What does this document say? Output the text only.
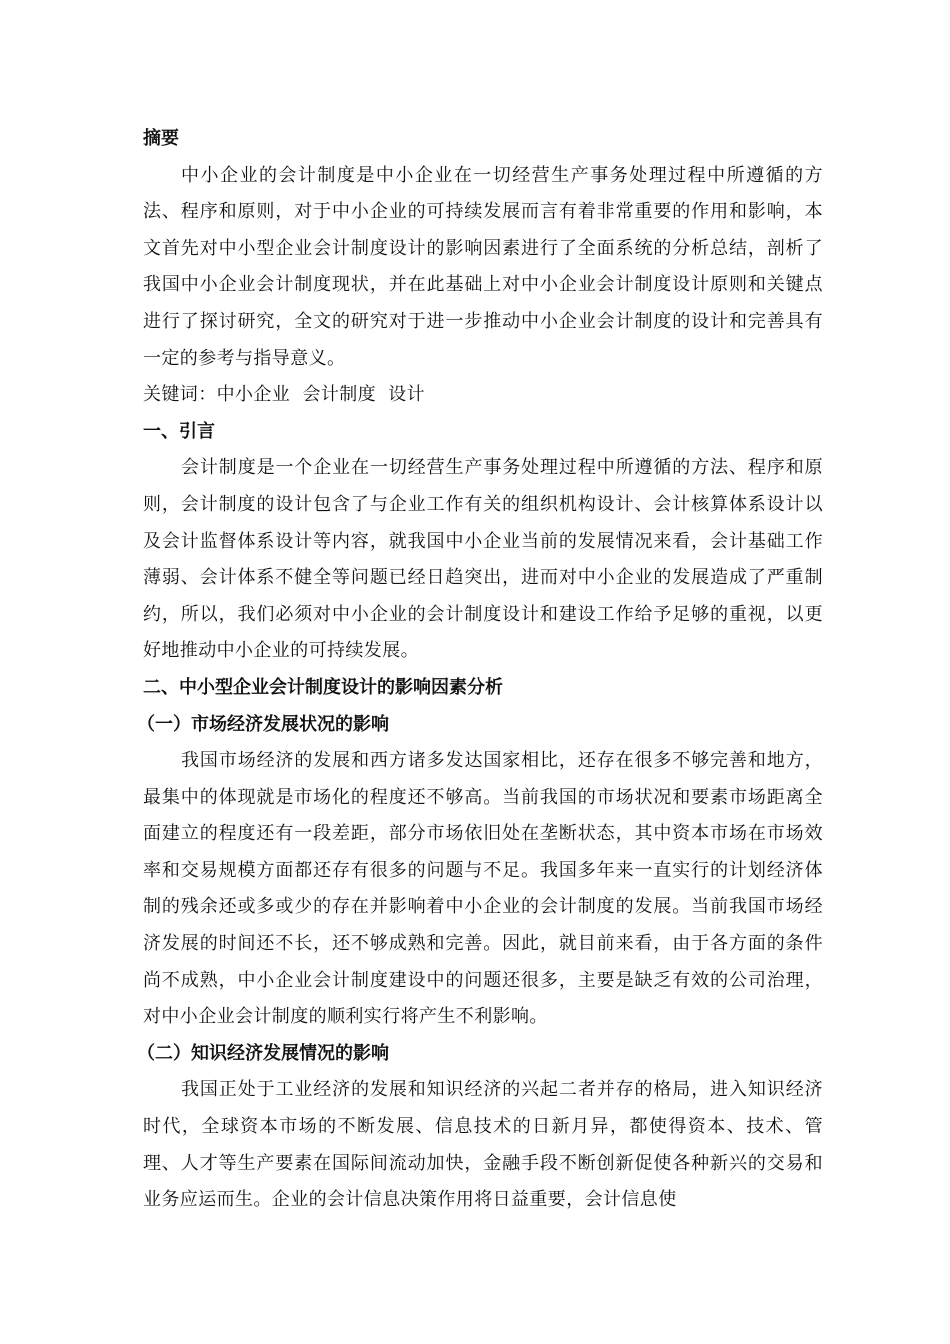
摘要

中小企业的会计制度是中小企业在一切经营生产事务处理过程中所遵循的方法、程序和原则，对于中小企业的可持续发展而言有着非常重要的作用和影响，本文首先对中小型企业会计制度设计的影响因素进行了全面系统的分析总结，剖析了我国中小企业会计制度现状，并在此基础上对中小企业会计制度设计原则和关键点进行了探讨研究，全文的研究对于进一步推动中小企业会计制度的设计和完善具有一定的参考与指导意义。

关键词：中小企业  会计制度  设计

一、引言

会计制度是一个企业在一切经营生产事务处理过程中所遵循的方法、程序和原则，会计制度的设计包含了与企业工作有关的组织机构设计、会计核算体系设计以及会计监督体系设计等内容，就我国中小企业当前的发展情况来看，会计基础工作薄弱、会计体系不健全等问题已经日趋突出，进而对中小企业的发展造成了严重制约，所以，我们必须对中小企业的会计制度设计和建设工作给予足够的重视，以更好地推动中小企业的可持续发展。

二、中小型企业会计制度设计的影响因素分析

（一）市场经济发展状况的影响

我国市场经济的发展和西方诸多发达国家相比，还存在很多不够完善和地方，最集中的体现就是市场化的程度还不够高。当前我国的市场状况和要素市场距离全面建立的程度还有一段差距，部分市场依旧处在垄断状态，其中资本市场在市场效率和交易规模方面都还存有很多的问题与不足。我国多年来一直实行的计划经济体制的残余还或多或少的存在并影响着中小企业的会计制度的发展。当前我国市场经济发展的时间还不长，还不够成熟和完善。因此，就目前来看，由于各方面的条件尚不成熟，中小企业会计制度建设中的问题还很多，主要是缺乏有效的公司治理，对中小企业会计制度的顺利实行将产生不利影响。

（二）知识经济发展情况的影响

我国正处于工业经济的发展和知识经济的兴起二者并存的格局，进入知识经济时代，全球资本市场的不断发展、信息技术的日新月异，都使得资本、技术、管理、人才等生产要素在国际间流动加快，金融手段不断创新促使各种新兴的交易和业务应运而生。企业的会计信息决策作用将日益重要，会计信息使
